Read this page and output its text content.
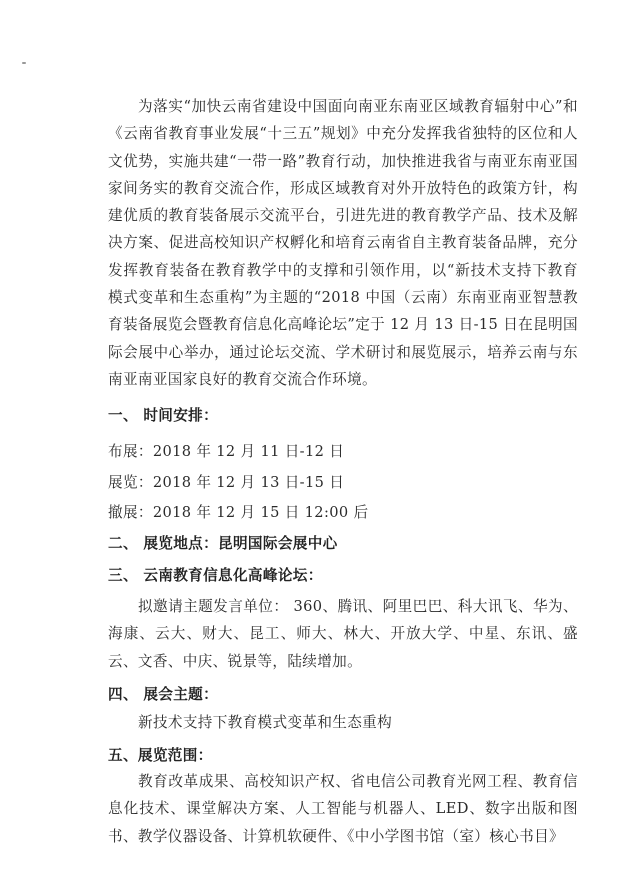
为落实“加快云南省建设中国面向南亚东南亚区域教育辐射中心”和《云南省教育事业发展“十三五”规划》中充分发挥我省独特的区位和人文优势，实施共建“一带一路”教育行动，加快推进我省与南亚东南亚国家间务实的教育交流合作，形成区域教育对外开放特色的政策方针，构建优质的教育装备展示交流平台，引进先进的教育教学产品、技术及解决方案、促进高校知识产权孵化和培育云南省自主教育装备品牌，充分发挥教育装备在教育教学中的支撑和引领作用，以“新技术支持下教育模式变革和生态重构”为主题的“2018 中国（云南）东南亚南亚智慧教育装备展览会暨教育信息化高峰论坛”定于 12 月 13 日-15 日在昆明国际会展中心举办，通过论坛交流、学术研讨和展览展示，培养云南与东南亚南亚国家良好的教育交流合作环境。

一、 时间安排：

布展：2018 年 12 月 11 日-12 日

展览：2018 年 12 月 13 日-15 日

撤展：2018 年 12 月 15 日 12:00 后

二、 展览地点：昆明国际会展中心

三、 云南教育信息化高峰论坛：

拟邀请主题发言单位： 360、腾讯、阿里巴巴、科大讯飞、华为、海康、云大、财大、昆工、师大、林大、开放大学、中星、东讯、盛云、文香、中庆、锐景等，陆续增加。

四、 展会主题：

新技术支持下教育模式变革和生态重构

五、展览范围：

教育改革成果、高校知识产权、省电信公司教育光网工程、教育信息化技术、课堂解决方案、人工智能与机器人、LED、数字出版和图书、教学仪器设备、计算机软硬件、《中小学图书馆（室）核心书目》
